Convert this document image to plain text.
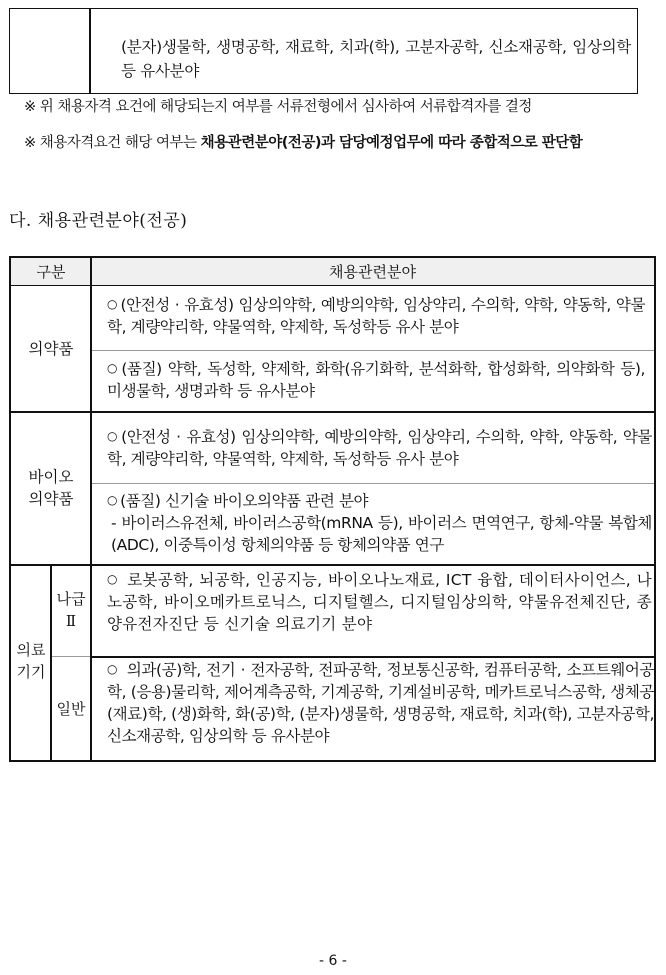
(분자)생물학, 생명공학, 재료학, 치과(학), 고분자공학, 신소재공학, 임상의학 등 유사분야
※ 위 채용자격 요건에 해당되는지 여부를 서류전형에서 심사하여 서류합격자를 결정
※ 채용자격요건 해당 여부는 채용관련분야(전공)과 담당예정업무에 따라 종합적으로 판단함
다. 채용관련분야(전공)
구분	채용관련분야
의약품
○ (안전성 · 유효성) 임상의약학, 예방의약학, 임상약리, 수의학, 약학, 약동학, 약물학, 계량약리학, 약물역학, 약제학, 독성학등 유사 분야
○ (품질) 약학, 독성학, 약제학, 화학(유기화학, 분석화학, 합성화학, 의약화학 등), 미생물학, 생명과학 등 유사분야
바이오
의약품
○ (안전성 · 유효성) 임상의약학, 예방의약학, 임상약리, 수의학, 약학, 약동학, 약물학, 계량약리학, 약물역학, 약제학, 독성학등 유사 분야
○ (품질) 신기술 바이오의약품 관련 분야
- 바이러스유전체, 바이러스공학(mRNA 등), 바이러스 면역연구, 항체-약물 복합체(ADC), 이중특이성 항체의약품 등 항체의약품 연구
의료
기기
나급
Ⅱ
○ 로봇공학, 뇌공학, 인공지능, 바이오나노재료, ICT 융합, 데이터사이언스, 나노공학, 바이오메카트로닉스, 디지털헬스, 디지털임상의학, 약물유전체진단, 종양유전자진단 등 신기술 의료기기 분야
일반
○ 의과(공)학, 전기 · 전자공학, 전파공학, 정보통신공학, 컴퓨터공학, 소프트웨어공학, (응용)물리학, 제어계측공학, 기계공학, 기계설비공학, 메카트로닉스공학, 생체공(재료)학, (생)화학, 화(공)학, (분자)생물학, 생명공학, 재료학, 치과(학), 고분자공학, 신소재공학, 임상의학 등 유사분야
- 6 -
